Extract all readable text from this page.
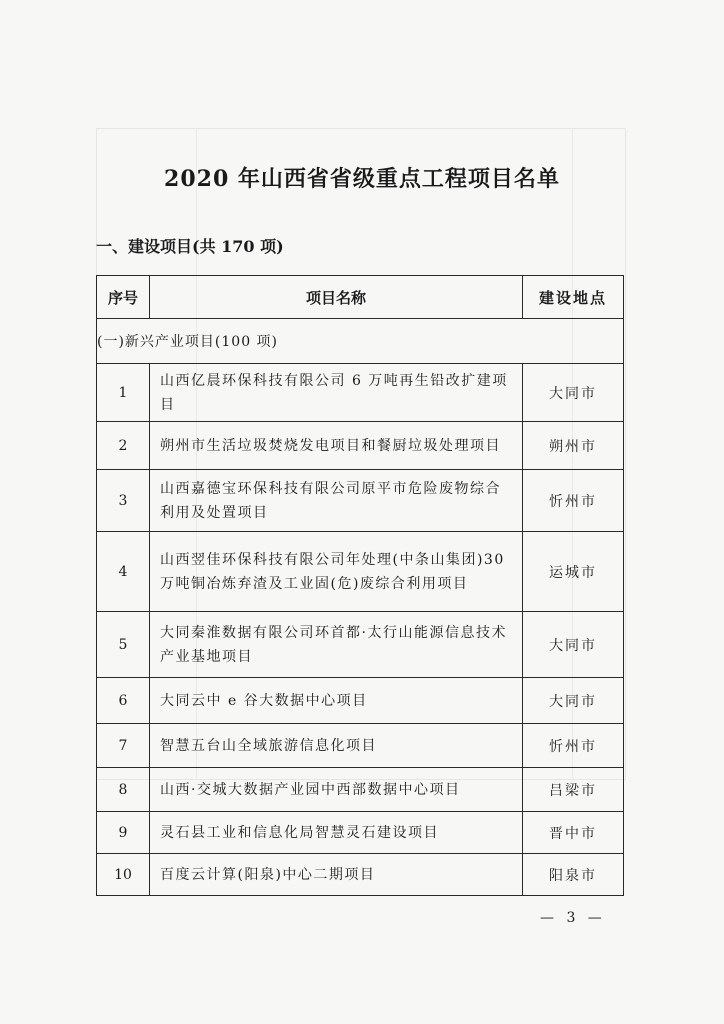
2020 年山西省省级重点工程项目名单
一、建设项目(共 170 项)
序号	项目名称	建设地点
(一)新兴产业项目(100 项)		
1	山西亿晨环保科技有限公司 6 万吨再生铅改扩建项目	大同市
2	朔州市生活垃圾焚烧发电项目和餐厨垃圾处理项目	朔州市
3	山西嘉德宝环保科技有限公司原平市危险废物综合利用及处置项目	忻州市
4	山西翌佳环保科技有限公司年处理(中条山集团)30 万吨铜冶炼弃渣及工业固(危)废综合利用项目	运城市
5	大同秦淮数据有限公司环首都·太行山能源信息技术产业基地项目	大同市
6	大同云中 e 谷大数据中心项目	大同市
7	智慧五台山全域旅游信息化项目	忻州市
8	山西·交城大数据产业园中西部数据中心项目	吕梁市
9	灵石县工业和信息化局智慧灵石建设项目	晋中市
10	百度云计算(阳泉)中心二期项目	阳泉市
— 3 —
